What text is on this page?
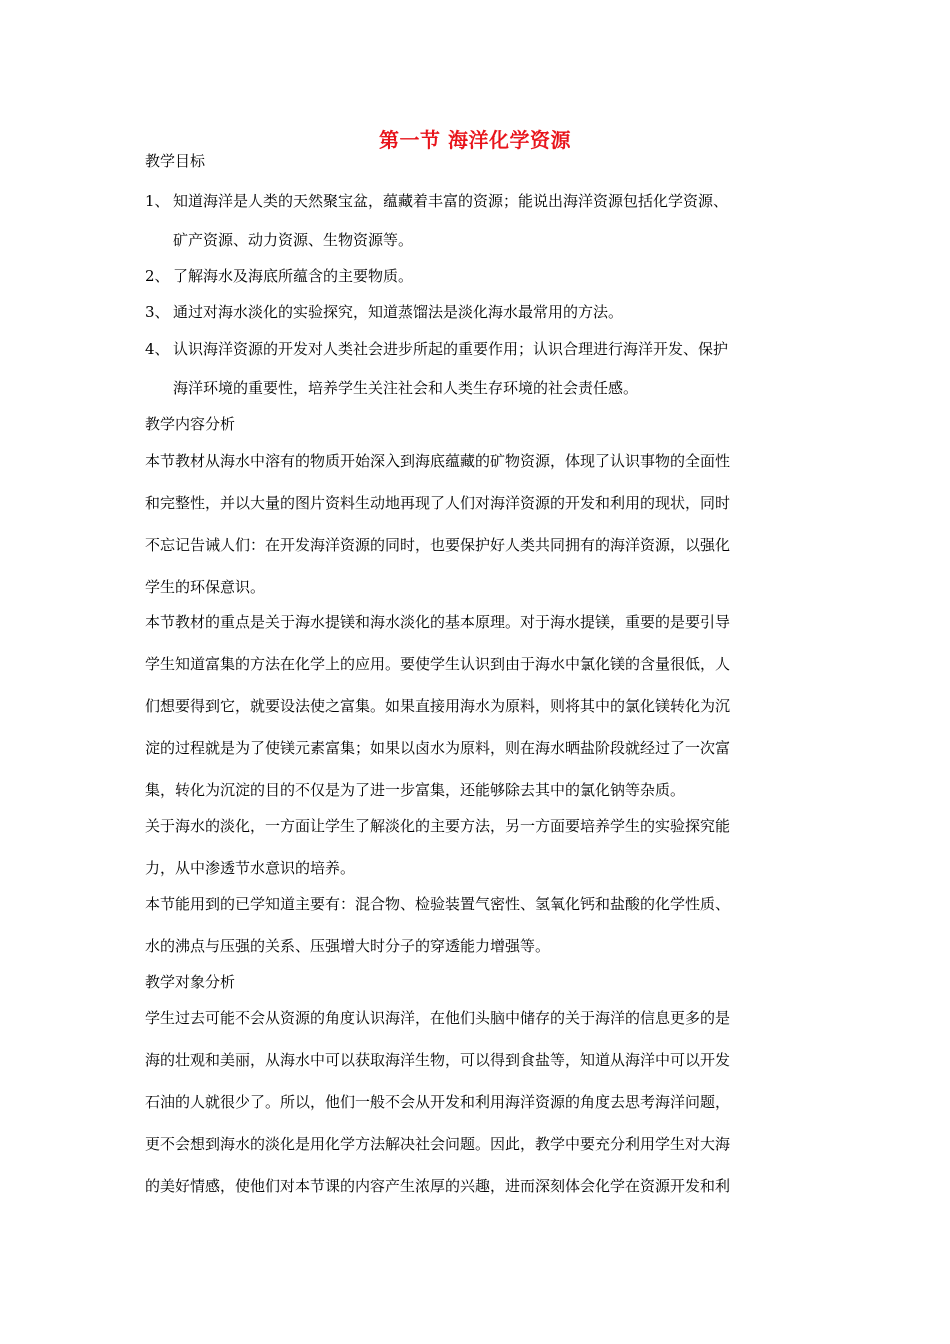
第一节 海洋化学资源
教学目标
1、 知道海洋是人类的天然聚宝盆，蕴藏着丰富的资源；能说出海洋资源包括化学资源、
矿产资源、动力资源、生物资源等。
2、 了解海水及海底所蕴含的主要物质。
3、 通过对海水淡化的实验探究，知道蒸馏法是淡化海水最常用的方法。
4、 认识海洋资源的开发对人类社会进步所起的重要作用；认识合理进行海洋开发、保护
海洋环境的重要性，培养学生关注社会和人类生存环境的社会责任感。
教学内容分析
本节教材从海水中溶有的物质开始深入到海底蕴藏的矿物资源，体现了认识事物的全面性
和完整性，并以大量的图片资料生动地再现了人们对海洋资源的开发和利用的现状，同时
不忘记告诫人们：在开发海洋资源的同时，也要保护好人类共同拥有的海洋资源，以强化
学生的环保意识。
本节教材的重点是关于海水提镁和海水淡化的基本原理。对于海水提镁，重要的是要引导
学生知道富集的方法在化学上的应用。要使学生认识到由于海水中氯化镁的含量很低，人
们想要得到它，就要设法使之富集。如果直接用海水为原料，则将其中的氯化镁转化为沉
淀的过程就是为了使镁元素富集；如果以卤水为原料，则在海水晒盐阶段就经过了一次富
集，转化为沉淀的目的不仅是为了进一步富集，还能够除去其中的氯化钠等杂质。
关于海水的淡化，一方面让学生了解淡化的主要方法，另一方面要培养学生的实验探究能
力，从中渗透节水意识的培养。
本节能用到的已学知道主要有：混合物、检验装置气密性、氢氧化钙和盐酸的化学性质、
水的沸点与压强的关系、压强增大时分子的穿透能力增强等。
教学对象分析
学生过去可能不会从资源的角度认识海洋，在他们头脑中储存的关于海洋的信息更多的是
海的壮观和美丽，从海水中可以获取海洋生物，可以得到食盐等，知道从海洋中可以开发
石油的人就很少了。所以，他们一般不会从开发和利用海洋资源的角度去思考海洋问题，
更不会想到海水的淡化是用化学方法解决社会问题。因此，教学中要充分利用学生对大海
的美好情感，使他们对本节课的内容产生浓厚的兴趣，进而深刻体会化学在资源开发和利
